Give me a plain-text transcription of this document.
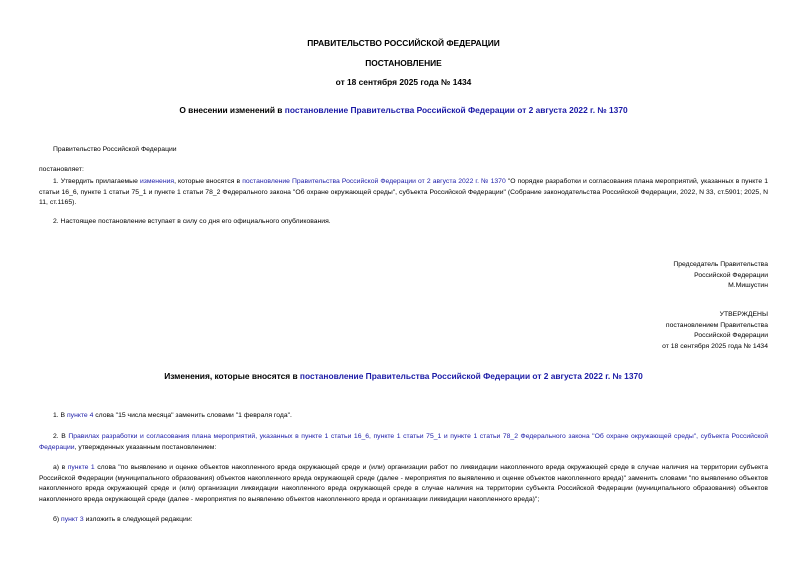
ПРАВИТЕЛЬСТВО РОССИЙСКОЙ ФЕДЕРАЦИИ
ПОСТАНОВЛЕНИЕ
от 18 сентября 2025 года № 1434
О внесении изменений в постановление Правительства Российской Федерации от 2 августа 2022 г. № 1370
Правительство Российской Федерации
постановляет:
1. Утвердить прилагаемые изменения, которые вносятся в постановление Правительства Российской Федерации от 2 августа 2022 г. № 1370 "О порядке разработки и согласования плана мероприятий, указанных в пункте 1 статьи 16_6, пункте 1 статьи 75_1 и пункте 1 статьи 78_2 Федерального закона "Об охране окружающей среды", субъекта Российской Федерации" (Собрание законодательства Российской Федерации, 2022, N 33, ст.5901; 2025, N 11, ст.1165).
2. Настоящее постановление вступает в силу со дня его официального опубликования.
Председатель Правительства
Российской Федерации
М.Мишустин
УТВЕРЖДЕНЫ
постановлением Правительства
Российской Федерации
от 18 сентября 2025 года № 1434
Изменения, которые вносятся в постановление Правительства Российской Федерации от 2 августа 2022 г. № 1370
1. В пункте 4 слова "15 числа месяца" заменить словами "1 февраля года".
2. В Правилах разработки и согласования плана мероприятий, указанных в пункте 1 статьи 16_6, пункте 1 статьи 75_1 и пункте 1 статьи 78_2 Федерального закона "Об охране окружающей среды", субъекта Российской Федерации, утвержденных указанным постановлением:
а) в пункте 1 слова "по выявлению и оценке объектов накопленного вреда окружающей среде и (или) организации работ по ликвидации накопленного вреда окружающей среде в случае наличия на территории субъекта Российской Федерации (муниципального образования) объектов накопленного вреда окружающей среде (далее - мероприятия по выявлению и оценке объектов накопленного вреда)" заменить словами "по выявлению объектов накопленного вреда окружающей среде и (или) организации ликвидации накопленного вреда окружающей среде в случае наличия на территории субъекта Российской Федерации (муниципального образования) объектов накопленного вреда окружающей среде (далее - мероприятия по выявлению объектов накопленного вреда и организации ликвидации накопленного вреда)";
б) пункт 3 изложить в следующей редакции:
